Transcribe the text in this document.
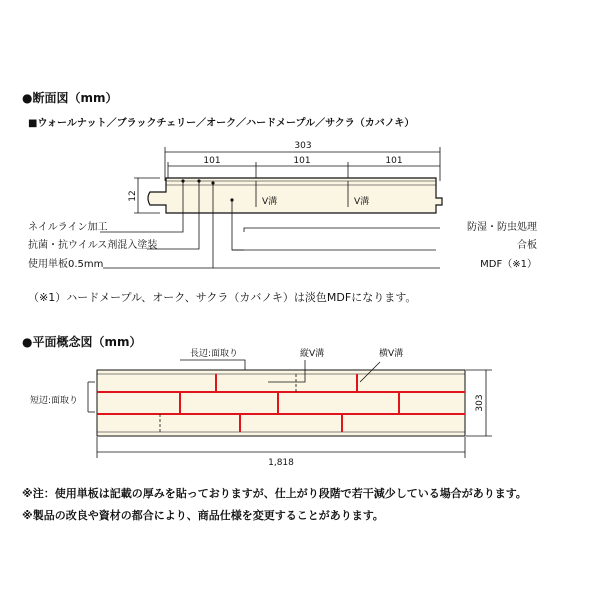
●断面図（mm）
■ウォールナット／ブラックチェリー／オーク／ハードメープル／サクラ（カバノキ）
303
101	101	101
12
V溝	V溝
ネイルライン加工
抗菌・抗ウイルス剤混入塗装
使用単板0.5mm
防湿・防虫処理
合板
MDF（※1）
（※1）ハードメープル、オーク、サクラ（カバノキ）は淡色MDFになります。
●平面概念図（mm）
1,818
303
長辺:面取り	縦V溝	横V溝
短辺:面取り
※注：使用単板は記載の厚みを貼っておりますが、仕上がり段階で若干減少している場合があります。
※製品の改良や資材の都合により、商品仕様を変更することがあります。
